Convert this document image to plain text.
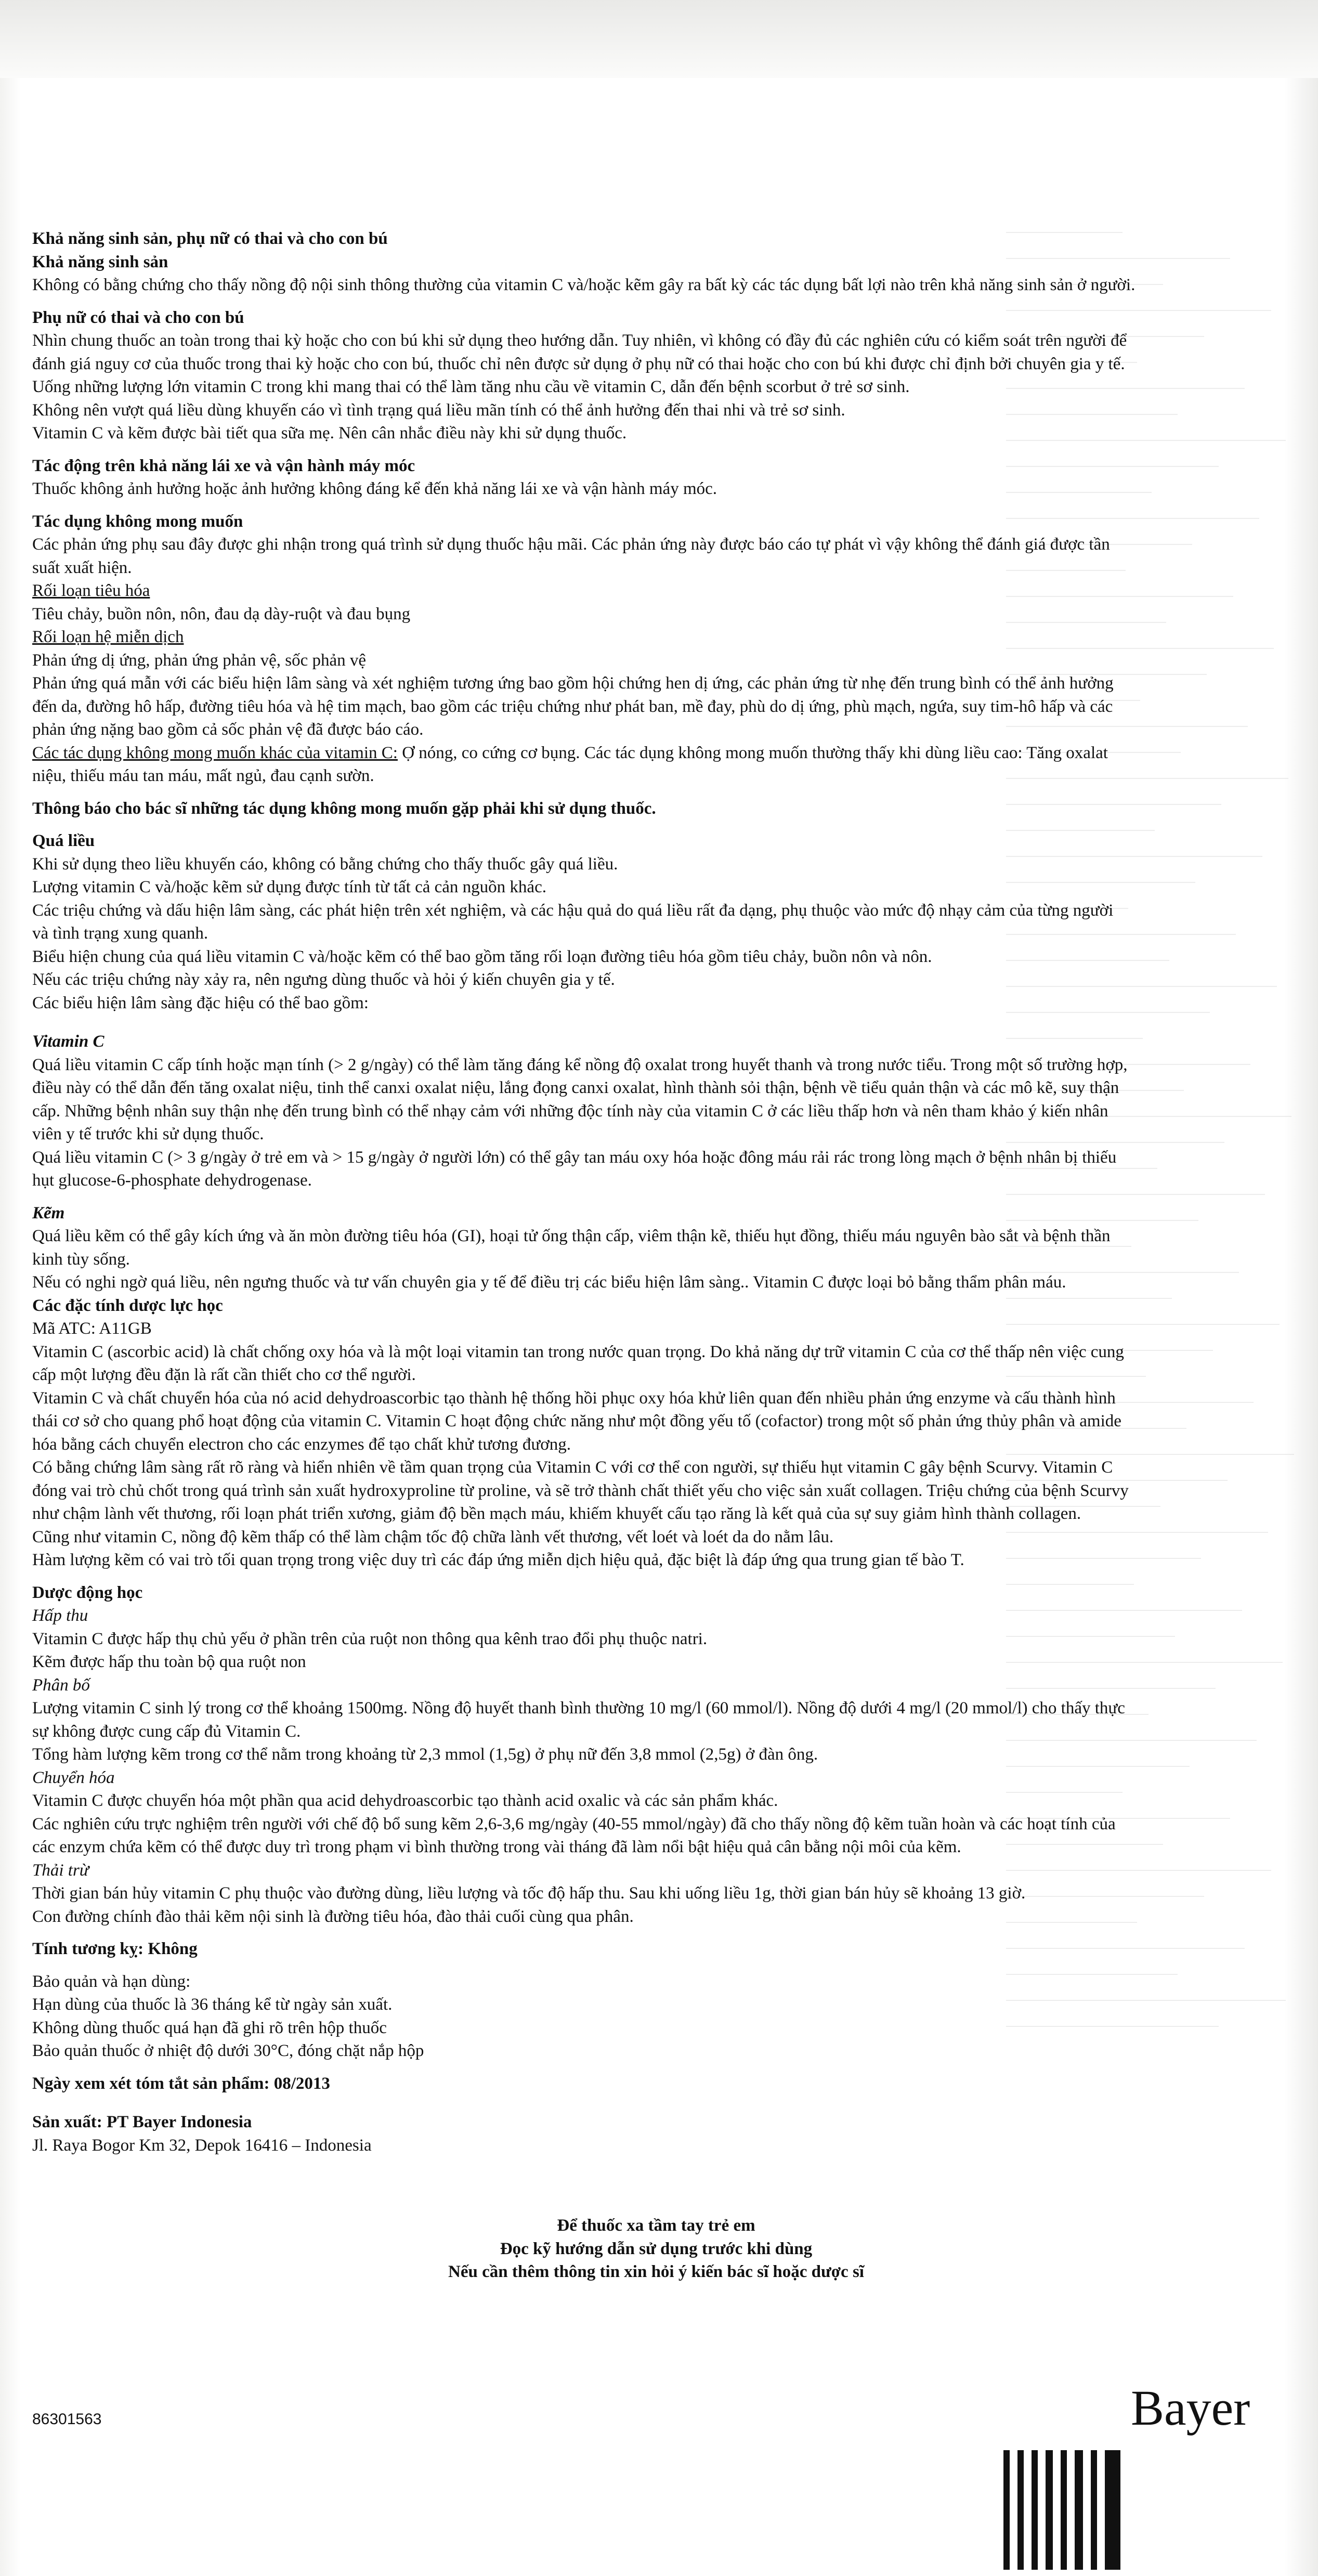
Khả năng sinh sản, phụ nữ có thai và cho con bú

Khả năng sinh sản

Không có bằng chứng cho thấy nồng độ nội sinh thông thường của vitamin C và/hoặc kẽm gây ra bất kỳ các tác dụng bất lợi nào trên khả năng sinh sản ở người.

Phụ nữ có thai và cho con bú

Nhìn chung thuốc an toàn trong thai kỳ hoặc cho con bú khi sử dụng theo hướng dẫn. Tuy nhiên, vì không có đầy đủ các nghiên cứu có kiểm soát trên người để

đánh giá nguy cơ của thuốc trong thai kỳ hoặc cho con bú, thuốc chỉ nên được sử dụng ở phụ nữ có thai hoặc cho con bú khi được chỉ định bởi chuyên gia y tế.

Uống những lượng lớn vitamin C trong khi mang thai có thể làm tăng nhu cầu về vitamin C, dẫn đến bệnh scorbut ở trẻ sơ sinh.

Không nên vượt quá liều dùng khuyến cáo vì tình trạng quá liều mãn tính có thể ảnh hưởng đến thai nhi và trẻ sơ sinh.

Vitamin C và kẽm được bài tiết qua sữa mẹ. Nên cân nhắc điều này khi sử dụng thuốc.

Tác động trên khả năng lái xe và vận hành máy móc

Thuốc không ảnh hưởng hoặc ảnh hưởng không đáng kể đến khả năng lái xe và vận hành máy móc.

Tác dụng không mong muốn

Các phản ứng phụ sau đây được ghi nhận trong quá trình sử dụng thuốc hậu mãi. Các phản ứng này được báo cáo tự phát vì vậy không thể đánh giá được tần

suất xuất hiện.

Rối loạn tiêu hóa

Tiêu chảy, buồn nôn, nôn, đau dạ dày-ruột và đau bụng

Rối loạn hệ miễn dịch

Phản ứng dị ứng, phản ứng phản vệ, sốc phản vệ

Phản ứng quá mẫn với các biểu hiện lâm sàng và xét nghiệm tương ứng bao gồm hội chứng hen dị ứng, các phản ứng từ nhẹ đến trung bình có thể ảnh hưởng

đến da, đường hô hấp, đường tiêu hóa và hệ tim mạch, bao gồm các triệu chứng như phát ban, mề đay, phù do dị ứng, phù mạch, ngứa, suy tim-hô hấp và các

phản ứng nặng bao gồm cả sốc phản vệ đã được báo cáo.

Các tác dụng không mong muốn khác của vitamin C: Ợ nóng, co cứng cơ bụng. Các tác dụng không mong muốn thường thấy khi dùng liều cao: Tăng oxalat

niệu, thiếu máu tan máu, mất ngủ, đau cạnh sườn.

Thông báo cho bác sĩ những tác dụng không mong muốn gặp phải khi sử dụng thuốc.

Quá liều

Khi sử dụng theo liều khuyến cáo, không có bằng chứng cho thấy thuốc gây quá liều.

Lượng vitamin C và/hoặc kẽm sử dụng được tính từ tất cả cản nguồn khác.

Các triệu chứng và dấu hiện lâm sàng, các phát hiện trên xét nghiệm, và các hậu quả do quá liều rất đa dạng, phụ thuộc vào mức độ nhạy cảm của từng người

và tình trạng xung quanh.

Biểu hiện chung của quá liều vitamin C và/hoặc kẽm có thể bao gồm tăng rối loạn đường tiêu hóa gồm tiêu chảy, buồn nôn và nôn.

Nếu các triệu chứng này xảy ra, nên ngưng dùng thuốc và hỏi ý kiến chuyên gia y tế.

Các biểu hiện lâm sàng đặc hiệu có thể bao gồm:

Vitamin C

Quá liều vitamin C cấp tính hoặc mạn tính (> 2 g/ngày) có thể làm tăng đáng kể nồng độ oxalat trong huyết thanh và trong nước tiểu. Trong một số trường hợp,

điều này có thể dẫn đến tăng oxalat niệu, tinh thể canxi oxalat niệu, lắng đọng canxi oxalat, hình thành sỏi thận, bệnh về tiểu quản thận và các mô kẽ, suy thận

cấp. Những bệnh nhân suy thận nhẹ đến trung bình có thể nhạy cảm với những độc tính này của vitamin C ở các liều thấp hơn và nên tham khảo ý kiến nhân

viên y tế trước khi sử dụng thuốc.

Quá liều vitamin C (> 3 g/ngày ở trẻ em và > 15 g/ngày ở người lớn) có thể gây tan máu oxy hóa hoặc đông máu rải rác trong lòng mạch ở bệnh nhân bị thiếu

hụt glucose-6-phosphate dehydrogenase.

Kẽm

Quá liều kẽm có thể gây kích ứng và ăn mòn đường tiêu hóa (GI), hoại tử ống thận cấp, viêm thận kẽ, thiếu hụt đồng, thiếu máu nguyên bào sắt và bệnh thần

kinh tùy sống.

Nếu có nghi ngờ quá liều, nên ngưng thuốc và tư vấn chuyên gia y tế để điều trị các biểu hiện lâm sàng.. Vitamin C được loại bỏ bằng thẩm phân máu.

Các đặc tính dược lực học

Mã ATC: A11GB

Vitamin C (ascorbic acid) là chất chống oxy hóa và là một loại vitamin tan trong nước quan trọng. Do khả năng dự trữ vitamin C của cơ thể thấp nên việc cung

cấp một lượng đều đặn là rất cần thiết cho cơ thể người.

Vitamin C và chất chuyển hóa của nó acid dehydroascorbic tạo thành hệ thống hồi phục oxy hóa khử liên quan đến nhiều phản ứng enzyme và cấu thành hình

thái cơ sở cho quang phổ hoạt động của vitamin C. Vitamin C hoạt động chức năng như một đồng yếu tố (cofactor) trong một số phản ứng thủy phân và amide

hóa bằng cách chuyển electron cho các enzymes để tạo chất khử tương đương.

Có bằng chứng lâm sàng rất rõ ràng và hiển nhiên về tầm quan trọng của Vitamin C với cơ thể con người, sự thiếu hụt vitamin C gây bệnh Scurvy. Vitamin C

đóng vai trò chủ chốt trong quá trình sản xuất hydroxyproline từ proline, và sẽ trở thành chất thiết yếu cho việc sản xuất collagen. Triệu chứng của bệnh Scurvy

như chậm lành vết thương, rối loạn phát triển xương, giảm độ bền mạch máu, khiếm khuyết cấu tạo răng là kết quả của sự suy giảm hình thành collagen.

Cũng như vitamin C, nồng độ kẽm thấp có thể làm chậm tốc độ chữa lành vết thương, vết loét và loét da do nằm lâu.

Hàm lượng kẽm có vai trò tối quan trọng trong việc duy trì các đáp ứng miễn dịch hiệu quả, đặc biệt là đáp ứng qua trung gian tế bào T.

Dược động học

Hấp thu

Vitamin C được hấp thụ chủ yếu ở phần trên của ruột non thông qua kênh trao đổi phụ thuộc natri.

Kẽm được hấp thu toàn bộ qua ruột non

Phân bố

Lượng vitamin C sinh lý trong cơ thể khoảng 1500mg. Nồng độ huyết thanh bình thường 10 mg/l (60 mmol/l). Nồng độ dưới 4 mg/l (20 mmol/l) cho thấy thực

sự không được cung cấp đủ Vitamin C.

Tổng hàm lượng kẽm trong cơ thể nằm trong khoảng từ 2,3 mmol (1,5g) ở phụ nữ đến 3,8 mmol (2,5g) ở đàn ông.

Chuyển hóa

Vitamin C được chuyển hóa một phần qua acid dehydroascorbic tạo thành acid oxalic và các sản phẩm khác.

Các nghiên cứu trực nghiệm trên người với chế độ bổ sung kẽm 2,6-3,6 mg/ngày (40-55 mmol/ngày) đã cho thấy nồng độ kẽm tuần hoàn và các hoạt tính của

các enzym chứa kẽm có thể được duy trì trong phạm vi bình thường trong vài tháng đã làm nổi bật hiệu quả cân bằng nội môi của kẽm.

Thải trừ

Thời gian bán hủy vitamin C phụ thuộc vào đường dùng, liều lượng và tốc độ hấp thu. Sau khi uống liều 1g, thời gian bán hủy sẽ khoảng 13 giờ.

Con đường chính đào thải kẽm nội sinh là đường tiêu hóa, đào thải cuối cùng qua phân.

Tính tương kỵ: Không

Bảo quản và hạn dùng:

Hạn dùng của thuốc là 36 tháng kể từ ngày sản xuất.

Không dùng thuốc quá hạn đã ghi rõ trên hộp thuốc

Bảo quản thuốc ở nhiệt độ dưới 30°C, đóng chặt nắp hộp

Ngày xem xét tóm tắt sản phẩm: 08/2013

Sản xuất: PT Bayer Indonesia

Jl. Raya Bogor Km 32, Depok 16416 – Indonesia

Để thuốc xa tầm tay trẻ em

Đọc kỹ hướng dẫn sử dụng trước khi dùng

Nếu cần thêm thông tin xin hỏi ý kiến bác sĩ hoặc dược sĩ

86301563	Bayer
